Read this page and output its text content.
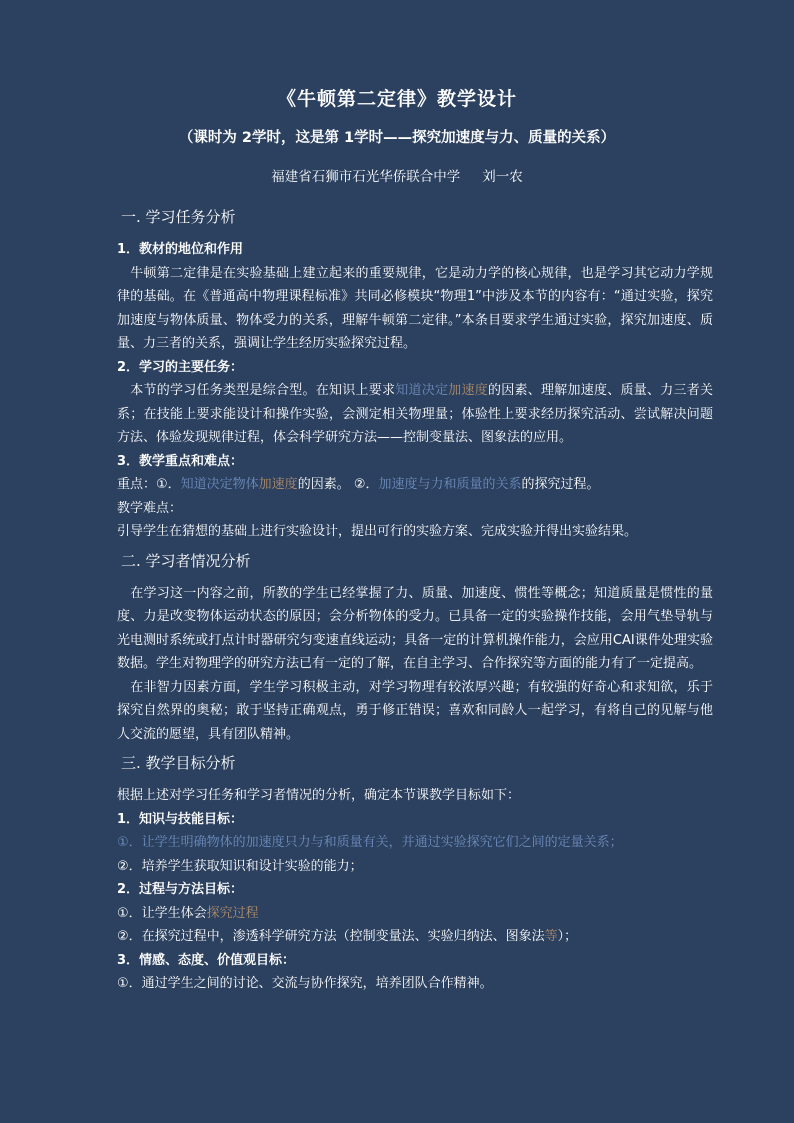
《牛顿第二定律》教学设计
（课时为 2学时，这是第 1学时——探究加速度与力、质量的关系）
福建省石狮市石光华侨联合中学 刘一农
一. 学习任务分析
1．教材的地位和作用

　牛顿第二定律是在实验基础上建立起来的重要规律，它是动力学的核心规律，也是学习其它动力学规律的基础。在《普通高中物理课程标准》共同必修模块“物理1”中涉及本节的内容有：“通过实验，探究加速度与物体质量、物体受力的关系，理解牛顿第二定律。”本条目要求学生通过实验，探究加速度、质量、力三者的关系，强调让学生经历实验探究过程。

2．学习的主要任务：

　本节的学习任务类型是综合型。在知识上要求知道决定加速度的因素、理解加速度、质量、力三者关系；在技能上要求能设计和操作实验，会测定相关物理量；体验性上要求经历探究活动、尝试解决问题方法、体验发现规律过程，体会科学研究方法——控制变量法、图象法的应用。

3．教学重点和难点：

重点：①．知道决定物体加速度的因素。 ②．加速度与力和质量的关系的探究过程。

教学难点：

引导学生在猜想的基础上进行实验设计，提出可行的实验方案、完成实验并得出实验结果。

二. 学习者情况分析

　在学习这一内容之前，所教的学生已经掌握了力、质量、加速度、惯性等概念；知道质量是惯性的量度、力是改变物体运动状态的原因；会分析物体的受力。已具备一定的实验操作技能，会用气垫导轨与光电测时系统或打点计时器研究匀变速直线运动；具备一定的计算机操作能力，会应用CAI课件处理实验数据。学生对物理学的研究方法已有一定的了解，在自主学习、合作探究等方面的能力有了一定提高。

　在非智力因素方面，学生学习积极主动，对学习物理有较浓厚兴趣；有较强的好奇心和求知欲，乐于探究自然界的奥秘；敢于坚持正确观点，勇于修正错误；喜欢和同龄人一起学习，有将自己的见解与他人交流的愿望，具有团队精神。

三. 教学目标分析

根据上述对学习任务和学习者情况的分析，确定本节课教学目标如下：

1．知识与技能目标：

①．让学生明确物体的加速度只力与和质量有关，并通过实验探究它们之间的定量关系；

②．培养学生获取知识和设计实验的能力；

2．过程与方法目标：

①．让学生体会探究过程

②．在探究过程中，渗透科学研究方法（控制变量法、实验归纳法、图象法等）；

3．情感、态度、价值观目标：

①．通过学生之间的讨论、交流与协作探究，培养团队合作精神。
